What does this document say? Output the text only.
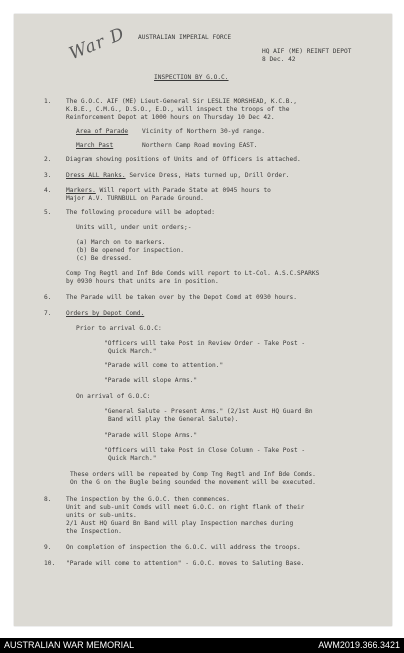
War D AUSTRALIAN IMPERIAL FORCE
HQ AIF (ME) REINFT DEPOT
8 Dec. 42
INSPECTION BY G.O.C.
1. The G.O.C. AIF (ME) Lieut-General Sir LESLIE MORSHEAD, K.C.B.,
K.B.E., C.M.G., D.S.O., E.D., will inspect the troops of the
Reinforcement Depot at 1000 hours on Thursday 10 Dec 42.
Area of Parade Vicinity of Northern 30-yd range.
March Past	Northern Camp Road moving EAST.
2. Diagram showing positions of Units and of Officers is attached.
3. Dress ALL Ranks. Service Dress, Hats turned up, Drill Order.
4. Markers. Will report with Parade State at 0945 hours to
Major A.V. TURNBULL on Parade Ground.
5. The following procedure will be adopted:
Units will, under unit orders;-
(a) March on to markers.
(b) Be opened for inspection.
(c) Be dressed.
Comp Tng Regtl and Inf Bde Comds will report to Lt-Col. A.S.C.SPARKS
by 0930 hours that units are in position.
6. The Parade will be taken over by the Depot Comd at 0930 hours.
7. Orders by Depot Comd.
Prior to arrival G.O.C:
"Officers will take Post in Review Order - Take Post -
Quick March."
"Parade will come to attention."
"Parade will slope Arms."
On arrival of G.O.C:
"General Salute - Present Arms." (2/1st Aust HQ Guard Bn
Band will play the General Salute).
"Parade will Slope Arms."
"Officers will take Post in Close Column - Take Post -
Quick March."
These orders will be repeated by Comp Tng Regtl and Inf Bde Comds.
On the G on the Bugle being sounded the movement will be executed.
8. The inspection by the G.O.C. then commences.
Unit and sub-unit Comds will meet G.O.C. on right flank of their
units or sub-units.
2/1 Aust HQ Guard Bn Band will play Inspection marches during
the Inspection.
9. On completion of inspection the G.O.C. will address the troops.
10. "Parade will come to attention" - G.O.C. moves to Saluting Base.
AUSTRALIAN WAR MEMORIAL	AWM2019.366.3421
